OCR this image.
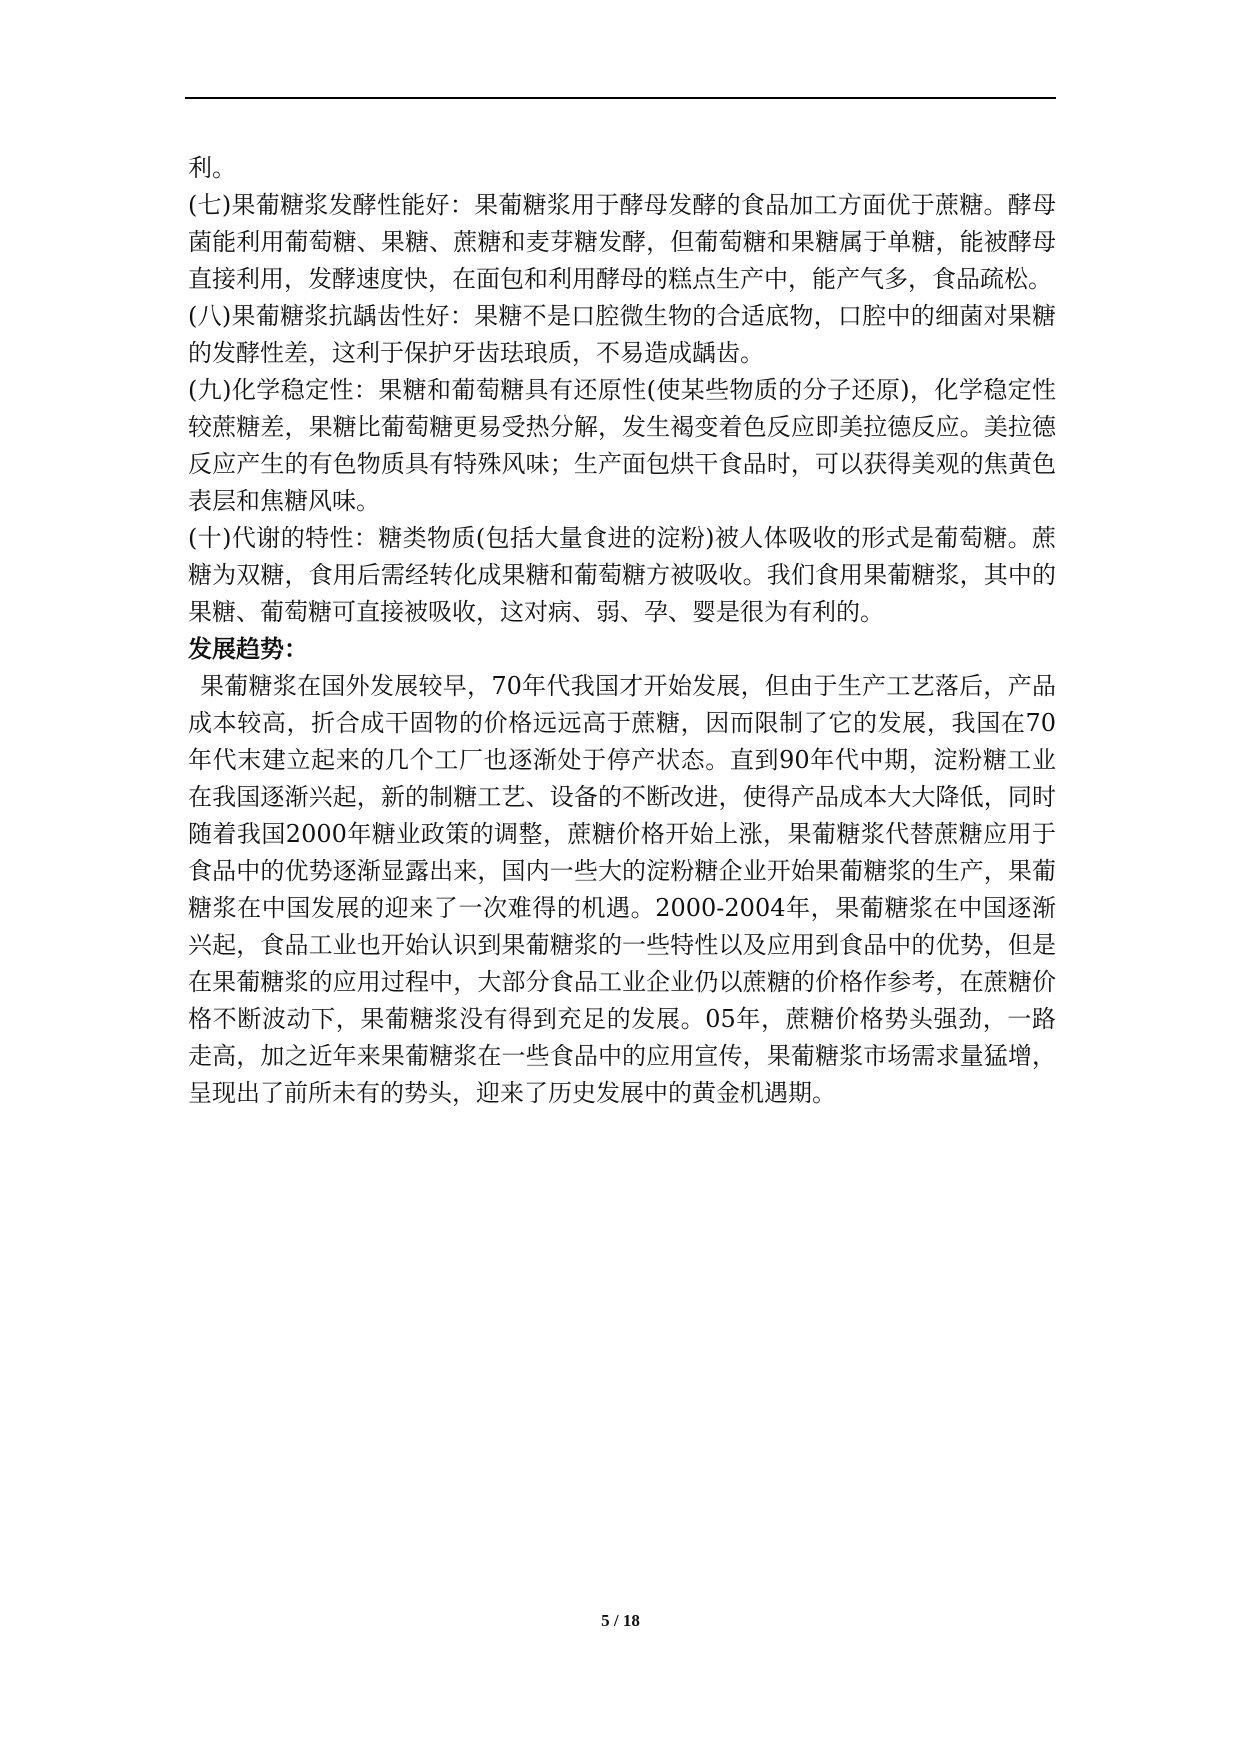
利。

(七)果葡糖浆发酵性能好：果葡糖浆用于酵母发酵的食品加工方面优于蔗糖。酵母菌能利用葡萄糖、果糖、蔗糖和麦芽糖发酵，但葡萄糖和果糖属于单糖，能被酵母直接利用，发酵速度快，在面包和利用酵母的糕点生产中，能产气多，食品疏松。

(八)果葡糖浆抗龋齿性好：果糖不是口腔微生物的合适底物，口腔中的细菌对果糖的发酵性差，这利于保护牙齿珐琅质，不易造成龋齿。

(九)化学稳定性：果糖和葡萄糖具有还原性(使某些物质的分子还原)，化学稳定性较蔗糖差，果糖比葡萄糖更易受热分解，发生褐变着色反应即美拉德反应。美拉德反应产生的有色物质具有特殊风味；生产面包烘干食品时，可以获得美观的焦黄色表层和焦糖风味。

(十)代谢的特性：糖类物质(包括大量食进的淀粉)被人体吸收的形式是葡萄糖。蔗糖为双糖，食用后需经转化成果糖和葡萄糖方被吸收。我们食用果葡糖浆，其中的果糖、葡萄糖可直接被吸收，这对病、弱、孕、婴是很为有利的。

发展趋势：

果葡糖浆在国外发展较早，70年代我国才开始发展，但由于生产工艺落后，产品成本较高，折合成干固物的价格远远高于蔗糖，因而限制了它的发展，我国在70年代末建立起来的几个工厂也逐渐处于停产状态。直到90年代中期，淀粉糖工业在我国逐渐兴起，新的制糖工艺、设备的不断改进，使得产品成本大大降低，同时随着我国2000年糖业政策的调整，蔗糖价格开始上涨，果葡糖浆代替蔗糖应用于食品中的优势逐渐显露出来，国内一些大的淀粉糖企业开始果葡糖浆的生产，果葡糖浆在中国发展的迎来了一次难得的机遇。2000-2004年，果葡糖浆在中国逐渐兴起，食品工业也开始认识到果葡糖浆的一些特性以及应用到食品中的优势，但是在果葡糖浆的应用过程中，大部分食品工业企业仍以蔗糖的价格作参考，在蔗糖价格不断波动下，果葡糖浆没有得到充足的发展。05年，蔗糖价格势头强劲，一路走高，加之近年来果葡糖浆在一些食品中的应用宣传，果葡糖浆市场需求量猛增，呈现出了前所未有的势头，迎来了历史发展中的黄金机遇期。

5 / 18
